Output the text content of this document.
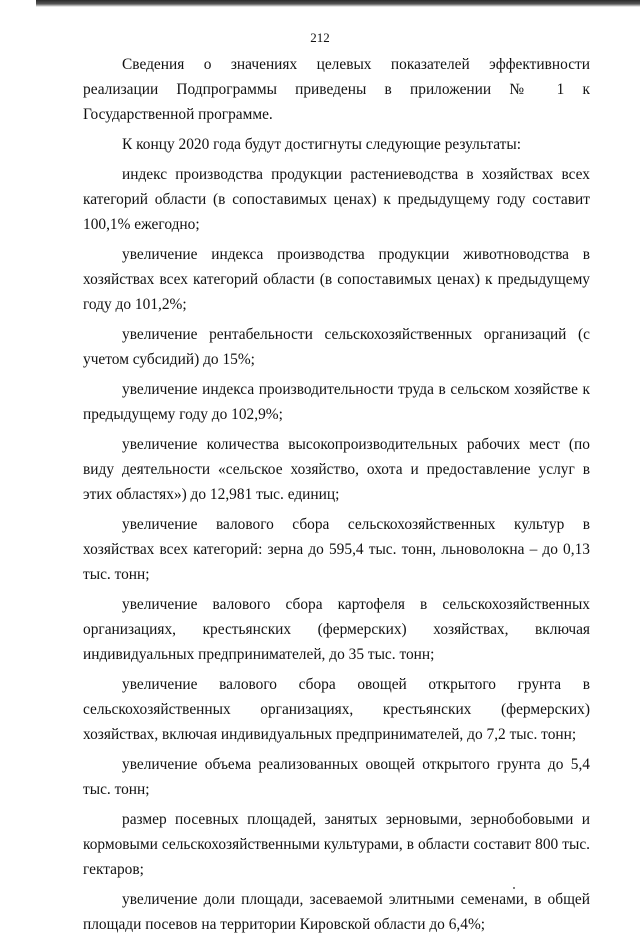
212

Сведения о значениях целевых показателей эффективности реализации Подпрограммы приведены в приложении № 1 к Государственной программе.

К концу 2020 года будут достигнуты следующие результаты:

индекс производства продукции растениеводства в хозяйствах всех категорий области (в сопоставимых ценах) к предыдущему году составит 100,1% ежегодно;

увеличение индекса производства продукции животноводства в хозяйствах всех категорий области (в сопоставимых ценах) к предыдущему году до 101,2%;

увеличение рентабельности сельскохозяйственных организаций (с учетом субсидий) до 15%;

увеличение индекса производительности труда в сельском хозяйстве к предыдущему году до 102,9%;

увеличение количества высокопроизводительных рабочих мест (по виду деятельности «сельское хозяйство, охота и предоставление услуг в этих областях») до 12,981 тыс. единиц;

увеличение валового сбора сельскохозяйственных культур в хозяйствах всех категорий: зерна до 595,4 тыс. тонн, льноволокна – до 0,13 тыс. тонн;

увеличение валового сбора картофеля в сельскохозяйственных организациях, крестьянских (фермерских) хозяйствах, включая индивидуальных предпринимателей, до 35 тыс. тонн;

увеличение валового сбора овощей открытого грунта в сельскохозяйственных организациях, крестьянских (фермерских) хозяйствах, включая индивидуальных предпринимателей, до 7,2 тыс. тонн;

увеличение объема реализованных овощей открытого грунта до 5,4 тыс. тонн;

размер посевных площадей, занятых зерновыми, зернобобовыми и кормовыми сельскохозяйственными культурами, в области составит 800 тыс. гектаров;

увеличение доли площади, засеваемой элитными семенами, в общей площади посевов на территории Кировской области до 6,4%;
